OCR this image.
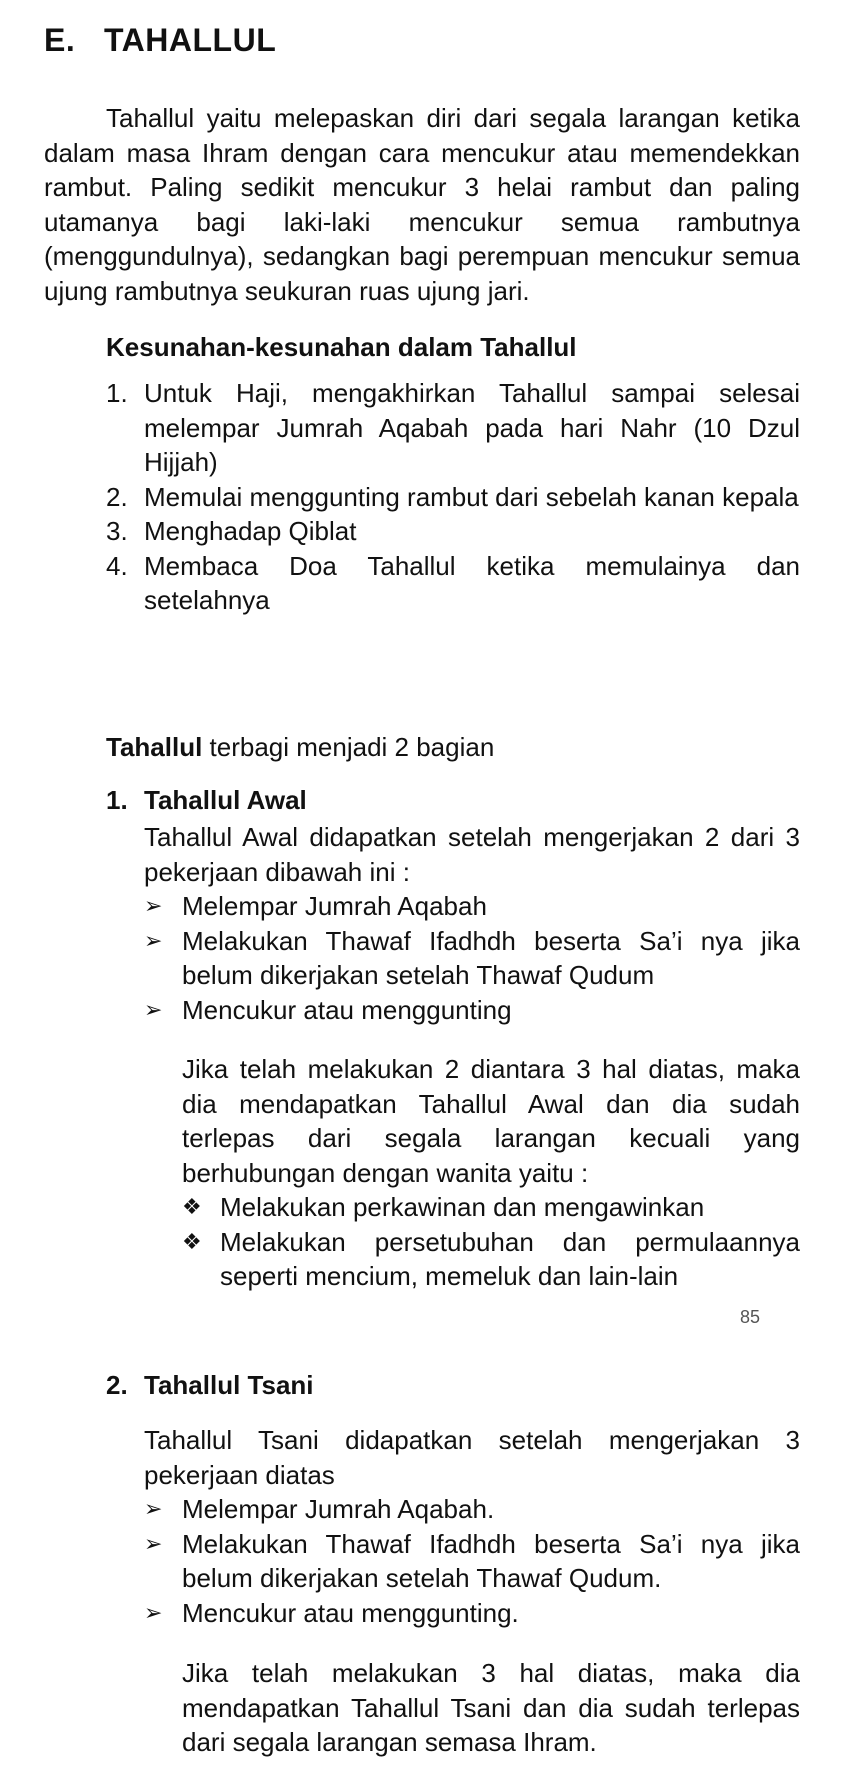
E. TAHALLUL
Tahallul yaitu melepaskan diri dari segala larangan ketika dalam masa Ihram dengan cara mencukur atau memendekkan rambut. Paling sedikit mencukur 3 helai rambut dan paling utamanya bagi laki-laki mencukur semua rambutnya (menggundulnya), sedangkan bagi perempuan mencukur semua ujung rambutnya seukuran ruas ujung jari.
Kesunahan-kesunahan dalam Tahallul
1. Untuk Haji, mengakhirkan Tahallul sampai selesai melempar Jumrah Aqabah pada hari Nahr (10 Dzul Hijjah)
2. Memulai menggunting rambut dari sebelah kanan kepala
3. Menghadap Qiblat
4. Membaca Doa Tahallul ketika memulainya dan setelahnya
Tahallul terbagi menjadi 2 bagian
1. Tahallul Awal
Tahallul Awal didapatkan setelah mengerjakan 2 dari 3 pekerjaan dibawah ini :
➢ Melempar Jumrah Aqabah
➢ Melakukan Thawaf Ifadhdh beserta Sa’i nya jika belum dikerjakan setelah Thawaf Qudum
➢ Mencukur atau menggunting
Jika telah melakukan 2 diantara 3 hal diatas, maka dia mendapatkan Tahallul Awal dan dia sudah terlepas dari segala larangan kecuali yang berhubungan dengan wanita yaitu :
❖ Melakukan perkawinan dan mengawinkan
❖ Melakukan persetubuhan dan permulaannya seperti mencium, memeluk dan lain-lain
85
2. Tahallul Tsani
Tahallul Tsani didapatkan setelah mengerjakan 3 pekerjaan diatas
➢ Melempar Jumrah Aqabah.
➢ Melakukan Thawaf Ifadhdh beserta Sa’i nya jika belum dikerjakan setelah Thawaf Qudum.
➢ Mencukur atau menggunting.
Jika telah melakukan 3 hal diatas, maka dia mendapatkan Tahallul Tsani dan dia sudah terlepas dari segala larangan semasa Ihram.
